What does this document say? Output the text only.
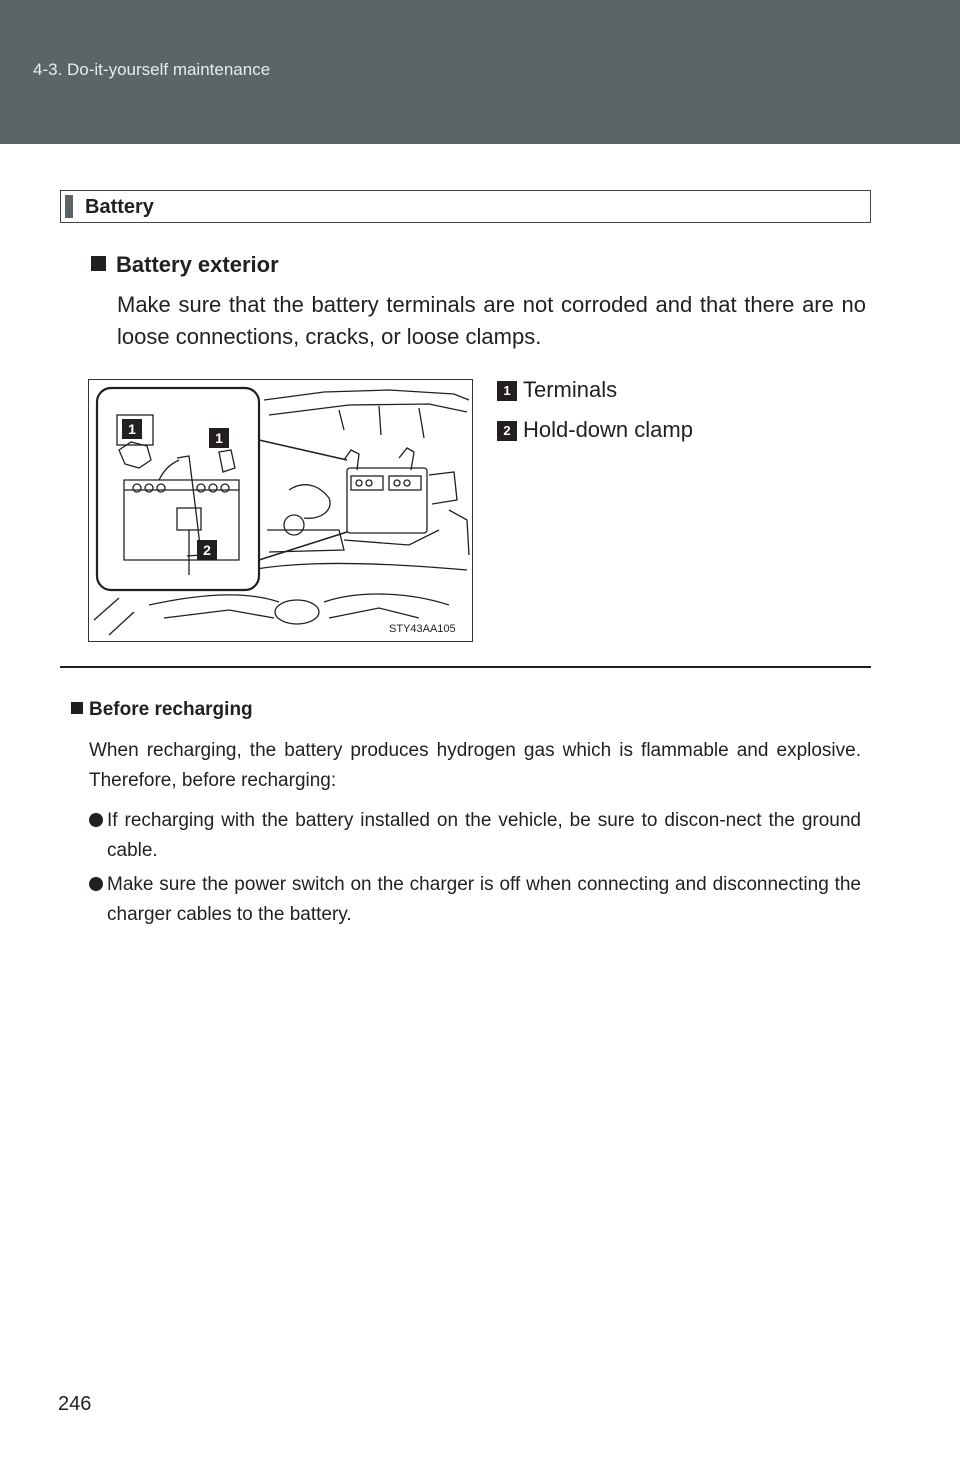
4-3. Do-it-yourself maintenance
Battery
Battery exterior
Make sure that the battery terminals are not corroded and that there are no loose connections, cracks, or loose clamps.
1
1
2
STY43AA105
1 Terminals
2 Hold-down clamp
Before recharging
When recharging, the battery produces hydrogen gas which is flammable and explosive. Therefore, before recharging:
If recharging with the battery installed on the vehicle, be sure to discon-nect the ground cable.
Make sure the power switch on the charger is off when connecting and disconnecting the charger cables to the battery.
246
